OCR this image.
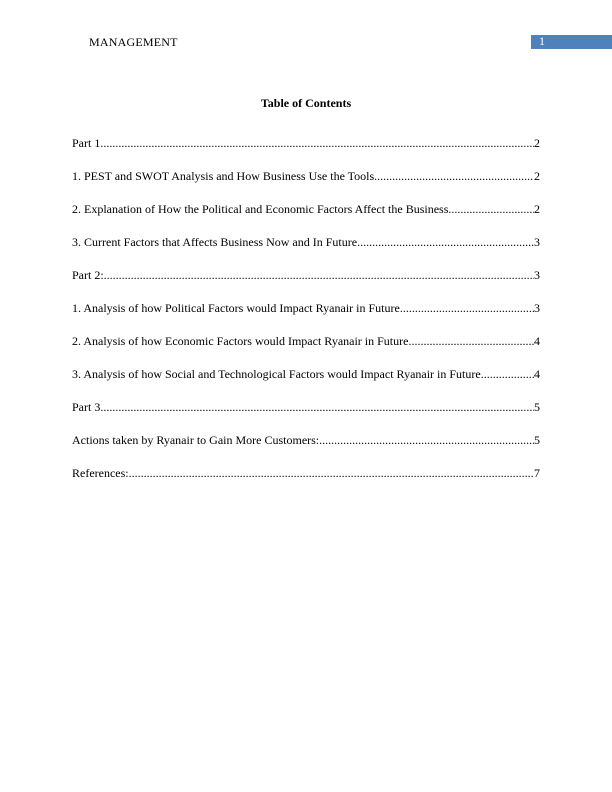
MANAGEMENT	1
Table of Contents
Part 1 .....	2
1. PEST and SWOT Analysis and How Business Use the Tools .....	2
2. Explanation of How the Political and Economic Factors Affect the Business .....	2
3. Current Factors that Affects Business Now and In Future .....	3
Part 2: .....	3
1. Analysis of how Political Factors would Impact Ryanair in Future .....	3
2. Analysis of how Economic Factors would Impact Ryanair in Future .....	4
3. Analysis of how Social and Technological Factors would Impact Ryanair in Future .....	4
Part 3 .....	5
Actions taken by Ryanair to Gain More Customers: .....	5
References: .....	7
